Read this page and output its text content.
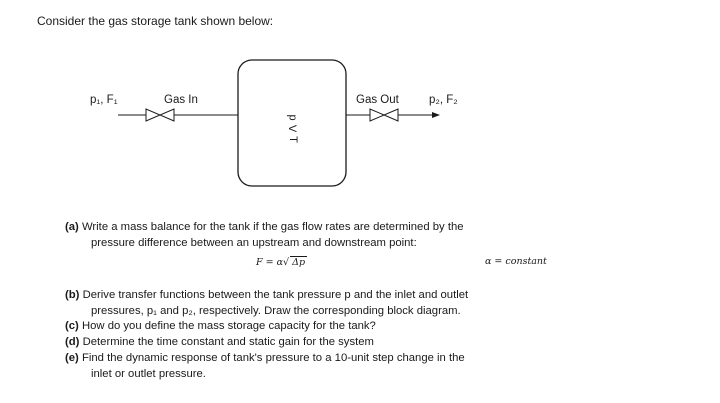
Consider the gas storage tank shown below:
p₁, F₁	Gas In	Gas Out	p₂, F₂
p
V
T
(a) Write a mass balance for the tank if the gas flow rates are determined by the
pressure difference between an upstream and downstream point:
F = α√ Δp	α = constant
(b) Derive transfer functions between the tank pressure p and the inlet and outlet
pressures, p₁ and p₂, respectively. Draw the corresponding block diagram.
(c) How do you define the mass storage capacity for the tank?
(d) Determine the time constant and static gain for the system
(e) Find the dynamic response of tank's pressure to a 10-unit step change in the
inlet or outlet pressure.
